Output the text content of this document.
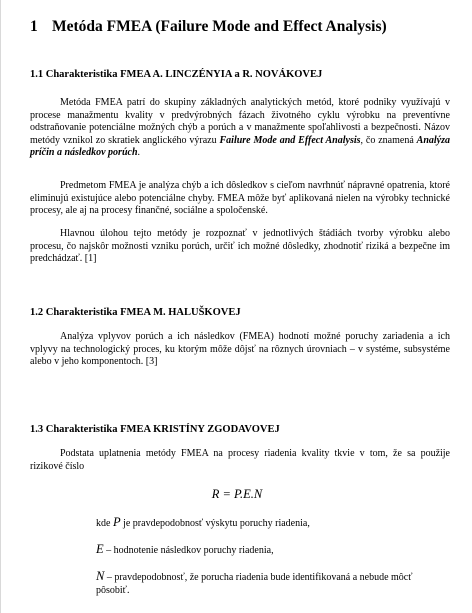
1 Metóda FMEA (Failure Mode and Effect Analysis)
1.1 Charakteristika FMEA A. LINCZÉNYIA a R. NOVÁKOVEJ
Metóda FMEA patrí do skupiny základných analytických metód, ktoré podniky využívajú v procese manažmentu kvality v predvýrobných fázach životného cyklu výrobku na preventívne odstraňovanie potenciálne možných chýb a porúch a v manažmente spoľahlivosti a bezpečnosti. Názov metódy vznikol zo skratiek anglického výrazu Failure Mode and Effect Analysis, čo znamená Analýza príčin a následkov porúch.
Predmetom FMEA je analýza chýb a ich dôsledkov s cieľom navrhnúť nápravné opatrenia, ktoré eliminujú existujúce alebo potenciálne chyby. FMEA môže byť aplikovaná nielen na výrobky technické procesy, ale aj na procesy finančné, sociálne a spoločenské.
Hlavnou úlohou tejto metódy je rozpoznať v jednotlivých štádiách tvorby výrobku alebo procesu, čo najskôr možnosti vzniku porúch, určiť ich možné dôsledky, zhodnotiť riziká a bezpečne im predchádzať. [1]
1.2 Charakteristika FMEA M. HALUŠKOVEJ
Analýza vplyvov porúch a ich následkov (FMEA) hodnotí možné poruchy zariadenia a ich vplyvy na technologický proces, ku ktorým môže dôjsť na rôznych úrovniach – v systéme, subsystéme alebo v jeho komponentoch. [3]
1.3 Charakteristika FMEA KRISTÍNY ZGODAVOVEJ
Podstata uplatnenia metódy FMEA na procesy riadenia kvality tkvie v tom, že sa použije rizikové číslo
R = P.E.N
kde P je pravdepodobnosť výskytu poruchy riadenia,
E – hodnotenie následkov poruchy riadenia,
N – pravdepodobnosť, že porucha riadenia bude identifikovaná a nebude môcť pôsobiť.
